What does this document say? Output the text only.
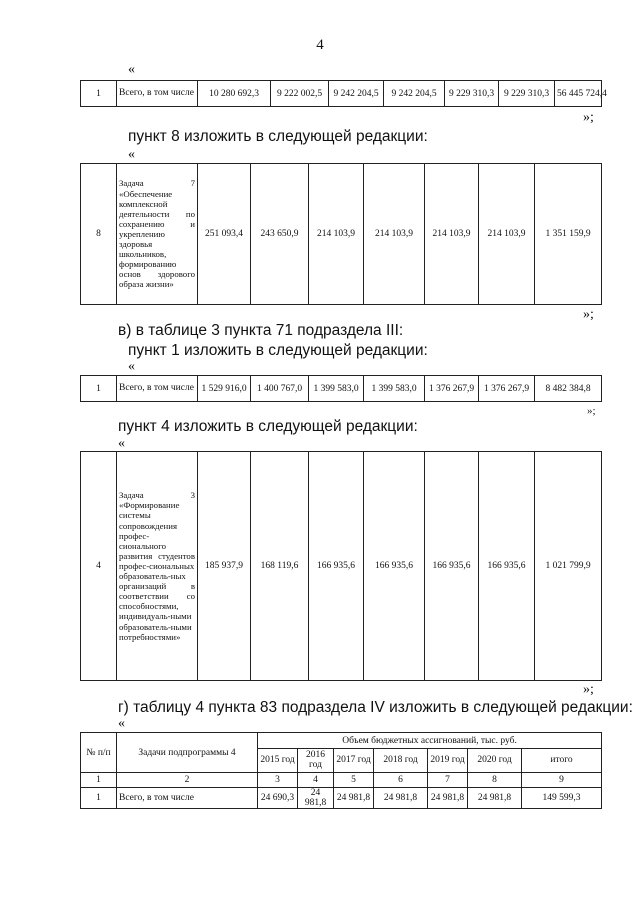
4
«
1	Всего, в том числе	10 280 692,3	9 222 002,5	9 242 204,5	9 242 204,5	9 229 310,3	9 229 310,3	56 445 724,4
»;
пункт 8 изложить в следующей редакции:
«
8	Задача 7 «Обеспечение комплексной деятельности по сохранению и укреплению здоровья школьников, формированию основ здорового образа жизни»	251 093,4	243 650,9	214 103,9	214 103,9	214 103,9	214 103,9	1 351 159,9
»;
в) в таблице 3 пункта 71 подраздела III:
пункт 1 изложить в следующей редакции:
«
1	Всего, в том числе	1 529 916,0	1 400 767,0	1 399 583,0	1 399 583,0	1 376 267,9	1 376 267,9	8 482 384,8
»;
пункт 4 изложить в следующей редакции:
«
4	Задача 3 «Формирование системы сопровождения профес-сионального развития студентов профес-сиональных образователь-ных организаций в соответствии со способностями, индивидуаль-ными образователь-ными потребностями»	185 937,9	168 119,6	166 935,6	166 935,6	166 935,6	166 935,6	1 021 799,9
»;
г) таблицу 4 пункта 83 подраздела IV изложить в следующей редакции:
«
№ п/п	Задачи подпрограммы 4	Объем бюджетных ассигнований, тыс. руб.						
		2015 год	2016 год	2017 год	2018 год	2019 год	2020 год	итого
1	2	3	4	5	6	7	8	9
1	Всего, в том числе	24 690,3	24 981,8	24 981,8	24 981,8	24 981,8	24 981,8	149 599,3
